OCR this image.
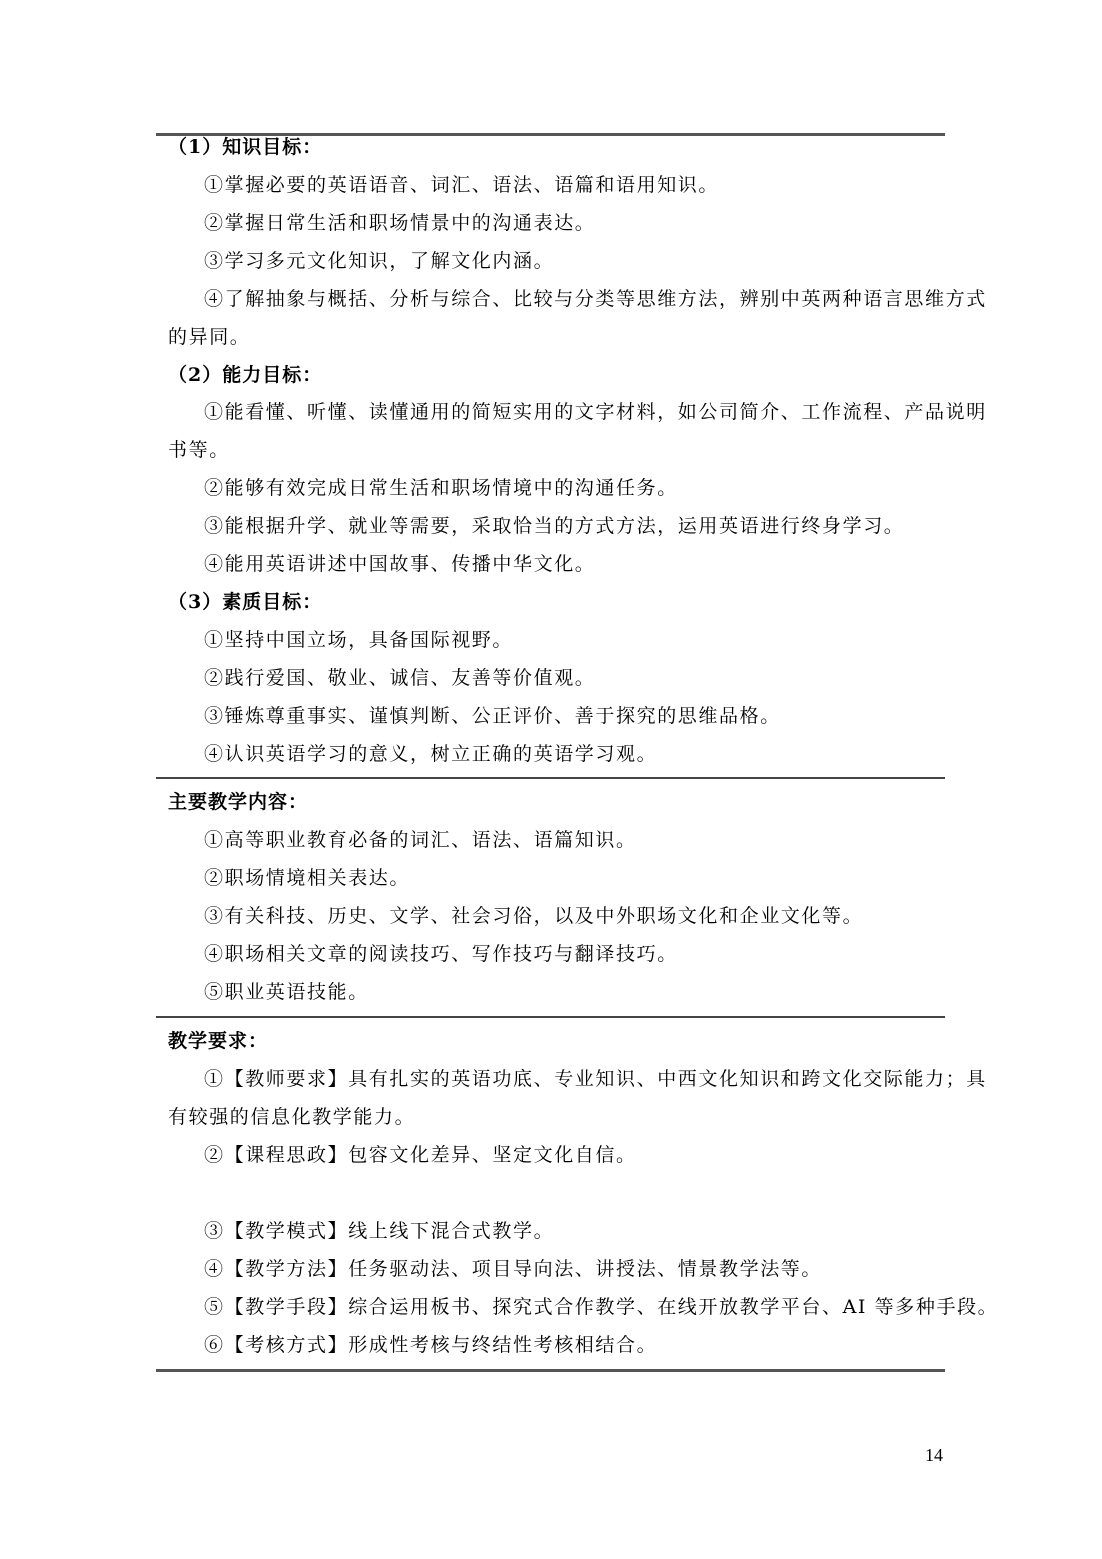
（1）知识目标：
①掌握必要的英语语音、词汇、语法、语篇和语用知识。
②掌握日常生活和职场情景中的沟通表达。
③学习多元文化知识，了解文化内涵。
④了解抽象与概括、分析与综合、比较与分类等思维方法，辨别中英两种语言思维方式
的异同。
（2）能力目标：
①能看懂、听懂、读懂通用的简短实用的文字材料，如公司简介、工作流程、产品说明
书等。
②能够有效完成日常生活和职场情境中的沟通任务。
③能根据升学、就业等需要，采取恰当的方式方法，运用英语进行终身学习。
④能用英语讲述中国故事、传播中华文化。
（3）素质目标：
①坚持中国立场，具备国际视野。
②践行爱国、敬业、诚信、友善等价值观。
③锤炼尊重事实、谨慎判断、公正评价、善于探究的思维品格。
④认识英语学习的意义，树立正确的英语学习观。
主要教学内容：
①高等职业教育必备的词汇、语法、语篇知识。
②职场情境相关表达。
③有关科技、历史、文学、社会习俗，以及中外职场文化和企业文化等。
④职场相关文章的阅读技巧、写作技巧与翻译技巧。
⑤职业英语技能。
教学要求：
①【教师要求】具有扎实的英语功底、专业知识、中西文化知识和跨文化交际能力；具
有较强的信息化教学能力。
②【课程思政】包容文化差异、坚定文化自信。
③【教学模式】线上线下混合式教学。
④【教学方法】任务驱动法、项目导向法、讲授法、情景教学法等。
⑤【教学手段】综合运用板书、探究式合作教学、在线开放教学平台、AI 等多种手段。
⑥【考核方式】形成性考核与终结性考核相结合。
14
